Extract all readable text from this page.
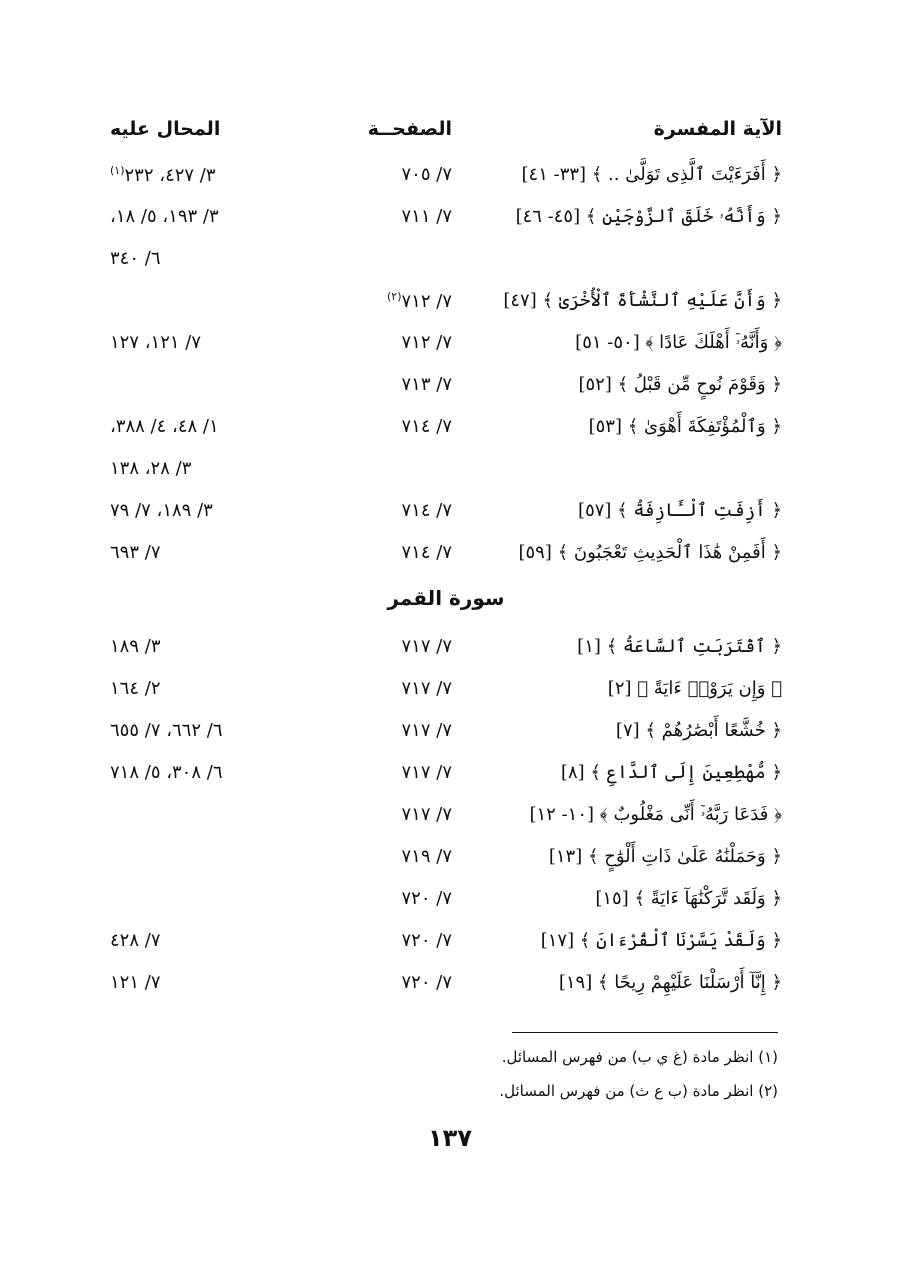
الآية المفسرة
الصفحــة
المحال عليه
﴿ أَفَرَءَيْتَ ٱلَّذِى تَوَلَّىٰ .. ﴾ [٣٣- ٤١]
٧/ ٧٠٥
٣/ ٤٢٧، ٢٣٢$^{(١)}$
﴿ وَأَنَّهُۥ خَلَقَ ٱلزَّوْجَيْنِ ﴾ [٤٥- ٤٦]
٧/ ٧١١
٣/ ١٩٣، ٥/ ١٨،
٦/ ٣٤٠
﴿ وَأَنَّ عَلَيْهِ ٱلنَّشْأَةَ ٱلْأُخْرَىٰ ﴾ [٤٧]
٧/ ٧١٢$^{(٢)}$
﴿ وَأَنَّهُۥٓ أَهْلَكَ عَادًا ﴾ [٥٠- ٥١]
٧/ ٧١٢
٧/ ١٢١، ١٢٧
﴿ وَقَوْمَ نُوحٍ مِّن قَبْلُ ﴾ [٥٢]
٧/ ٧١٣
﴿ وَٱلْمُؤْتَفِكَةَ أَهْوَىٰ ﴾ [٥٣]
٧/ ٧١٤
١/ ٤٨، ٤/ ٣٨٨،
٣/ ٢٨، ١٣٨
﴿ أَزِفَتِ ٱلْـَٔازِفَةُ ﴾ [٥٧]
٧/ ٧١٤
٣/ ١٨٩، ٧/ ٧٩
﴿ أَفَمِنْ هَٰذَا ٱلْحَدِيثِ تَعْجَبُونَ ﴾ [٥٩]
٧/ ٧١٤
٧/ ٦٩٣
سورة القمر
﴿ ٱقْتَرَبَتِ ٱلسَّاعَةُ ﴾ [١]
٧/ ٧١٧
٣/ ١٨٩
﴿ وَإِن يَرَوْا۟ ءَايَةً ﴾ [٢]
٧/ ٧١٧
٢/ ١٦٤
﴿ خُشَّعًا أَبْصَٰرُهُمْ ﴾ [٧]
٧/ ٧١٧
٦/ ٦٦٢، ٧/ ٦٥٥
﴿ مُّهْطِعِينَ إِلَى ٱلدَّاعِ ﴾ [٨]
٧/ ٧١٧
٦/ ٣٠٨، ٥/ ٧١٨
﴿ فَدَعَا رَبَّهُۥٓ أَنِّى مَغْلُوبٌ ﴾ [١٠- ١٢]
٧/ ٧١٧
﴿ وَحَمَلْنَٰهُ عَلَىٰ ذَاتِ أَلْوَٰحٍ ﴾ [١٣]
٧/ ٧١٩
﴿ وَلَقَد تَّرَكْنَٰهَآ ءَايَةً ﴾ [١٥]
٧/ ٧٢٠
﴿ وَلَقَدْ يَسَّرْنَا ٱلْقُرْءَانَ ﴾ [١٧]
٧/ ٧٢٠
٧/ ٤٢٨
﴿ إِنَّآ أَرْسَلْنَا عَلَيْهِمْ رِيحًا ﴾ [١٩]
٧/ ٧٢٠
٧/ ١٢١
(١) انظر مادة (غ ي ب) من فهرس المسائل.
(٢) انظر مادة (ب ع ث) من فهرس المسائل.
١٣٧
